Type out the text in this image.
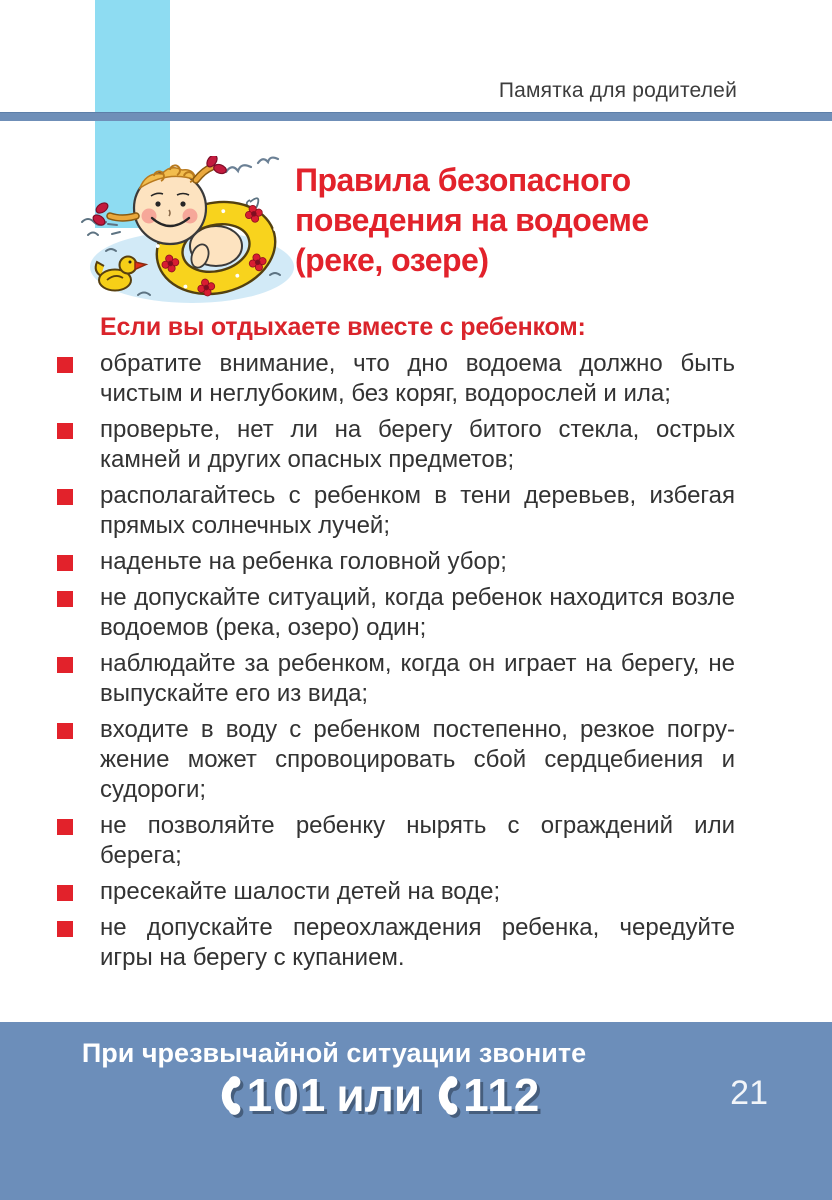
Памятка для родителей
Правила безопасного
поведения на водоеме
(реке, озере)
Если вы отдыхаете вместе с ребенком:
обратите внимание, что дно водоема должно быть чистым и неглубоким, без коряг, водорослей и ила;
проверьте, нет ли на берегу битого стекла, острых камней и других опасных предметов;
располагайтесь с ребенком в тени деревьев, избегая прямых солнечных лучей;
наденьте на ребенка головной убор;
не допускайте ситуаций, когда ребенок находится возле водоемов (река, озеро) один;
наблюдайте за ребенком, когда он играет на берегу, не выпускайте его из вида;
входите в воду с ребенком постепенно, резкое погружение может спровоцировать сбой сердцебиения и судороги;
не позволяйте ребенку нырять с ограждений или берега;
пресекайте шалости детей на воде;
не допускайте переохлаждения ребенка, чередуйте игры на берегу с купанием.
При чрезвычайной ситуации звоните
101 или 112	21
